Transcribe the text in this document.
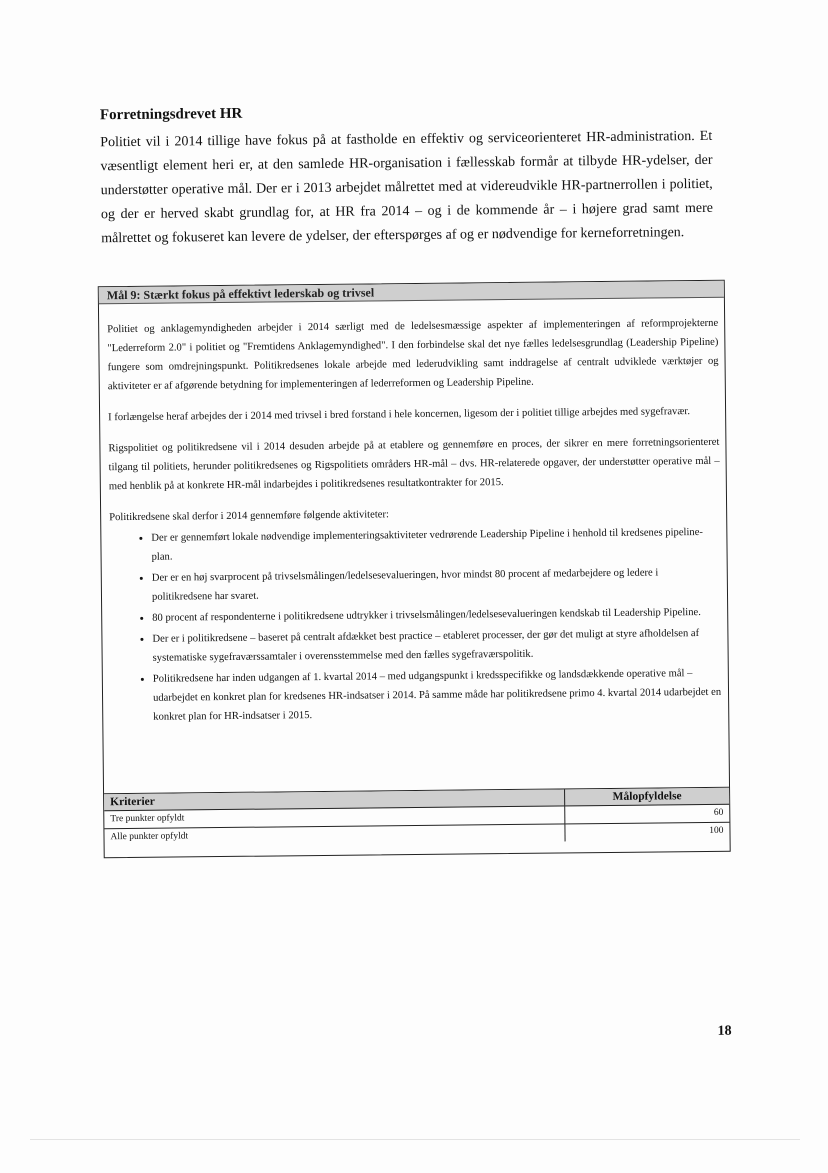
Forretningsdrevet HR
Politiet vil i 2014 tillige have fokus på at fastholde en effektiv og serviceorienteret HR-administration. Et væsentligt element heri er, at den samlede HR-organisation i fællesskab formår at tilbyde HR-ydelser, der understøtter operative mål. Der er i 2013 arbejdet målrettet med at videreudvikle HR-partnerrollen i politiet, og der er herved skabt grundlag for, at HR fra 2014 – og i de kommende år – i højere grad samt mere målrettet og fokuseret kan levere de ydelser, der efterspørges af og er nødvendige for kerneforretningen.
Mål 9: Stærkt fokus på effektivt lederskab og trivsel

Politiet og anklagemyndigheden arbejder i 2014 særligt med de ledelsesmæssige aspekter af implementeringen af reformprojekterne "Lederreform 2.0" i politiet og "Fremtidens Anklagemyndighed". I den forbindelse skal det nye fælles ledelsesgrundlag (Leadership Pipeline) fungere som omdrejningspunkt. Politikredsenes lokale arbejde med lederudvikling samt inddragelse af centralt udviklede værktøjer og aktiviteter er af afgørende betydning for implementeringen af lederreformen og Leadership Pipeline.

I forlængelse heraf arbejdes der i 2014 med trivsel i bred forstand i hele koncernen, ligesom der i politiet tillige arbejdes med sygefravær.

Rigspolitiet og politikredsene vil i 2014 desuden arbejde på at etablere og gennemføre en proces, der sikrer en mere forretningsorienteret tilgang til politiets, herunder politikredsenes og Rigspolitiets områders HR-mål – dvs. HR-relaterede opgaver, der understøtter operative mål – med henblik på at konkrete HR-mål indarbejdes i politikredsenes resultatkontrakter for 2015.

Politikredsene skal derfor i 2014 gennemføre følgende aktiviteter:

• Der er gennemført lokale nødvendige implementeringsaktiviteter vedrørende Leadership Pipeline i henhold til kredsenes pipeline-plan.
• Der er en høj svarprocent på trivselsmålingen/ledelsesevalueringen, hvor mindst 80 procent af medarbejdere og ledere i politikredsene har svaret.
• 80 procent af respondenterne i politikredsene udtrykker i trivselsmålingen/ledelsesevalueringen kendskab til Leadership Pipeline.
• Der er i politikredsene – baseret på centralt afdækket best practice – etableret processer, der gør det muligt at styre afholdelsen af systematiske sygefraværssamtaler i overensstemmelse med den fælles sygefraværspolitik.
• Politikredsene har inden udgangen af 1. kvartal 2014 – med udgangspunkt i kredsspecifikke og landsdækkende operative mål – udarbejdet en konkret plan for kredsenes HR-indsatser i 2014. På samme måde har politikredsene primo 4. kvartal 2014 udarbejdet en konkret plan for HR-indsatser i 2015.
Kriterier	Målopfyldelse
Tre punkter opfyldt
60
Alle punkter opfyldt
100
18
